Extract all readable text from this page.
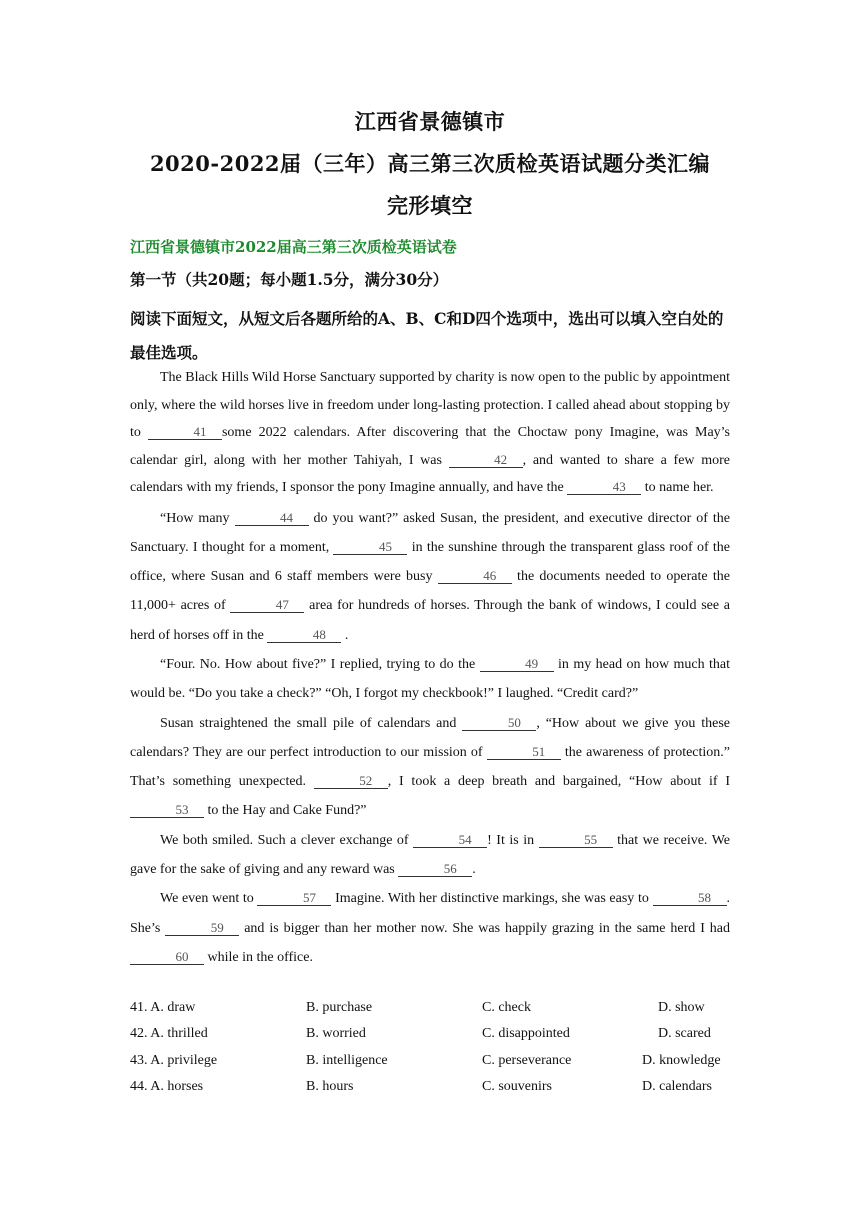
江西省景德镇市
2020-2022届（三年）高三第三次质检英语试题分类汇编
完形填空
江西省景德镇市2022届高三第三次质检英语试卷
第一节（共20题；每小题1.5分，满分30分）
阅读下面短文，从短文后各题所给的A、B、C和D四个选项中，选出可以填入空白处的最佳选项。

The Black Hills Wild Horse Sanctuary supported by charity is now open to the public by appointment only, where the wild horses live in freedom under long-lasting protection. I called ahead about stopping by to	41 some 2022 calendars. After discovering that the Choctaw pony Imagine, was May’s calendar girl, along with her mother Tahiyah, I was	42 , and wanted to share a few more calendars with my friends, I sponsor the pony Imagine annually, and have the	43 to name her.

“How many	44 do you want?” asked Susan, the president, and executive director of the Sanctuary. I thought for a moment,	45 in the sunshine through the transparent glass roof of the office, where Susan and 6 staff members were busy	46 the documents needed to operate the 11,000+ acres of	47 area for hundreds of horses. Through the bank of windows, I could see a herd of horses off in the	48 .

“Four. No. How about five?” I replied, trying to do the	49 in my head on how much that would be. “Do you take a check?” “Oh, I forgot my checkbook!” I laughed. “Credit card?”

Susan straightened the small pile of calendars and	50 , “How about we give you these calendars? They are our perfect introduction to our mission of	51 the awareness of protection.” That’s something unexpected.	52 , I took a deep breath and bargained, “How about if I 53 to the Hay and Cake Fund?”

We both smiled. Such a clever exchange of	54 ! It is in	55 that we receive. We gave for the sake of giving and any reward was	56 .

We even went to	57 Imagine. With her distinctive markings, she was easy to	58 . She’s	59 and is bigger than her mother now. She was happily grazing in the same herd I had 60 while in the office.

41. A. draw	B. purchase	C. check	D. show
42. A. thrilled	B. worried	C. disappointed	D. scared
43. A. privilege	B. intelligence	C. perseverance	D. knowledge
44. A. horses	B. hours	C. souvenirs	D. calendars
